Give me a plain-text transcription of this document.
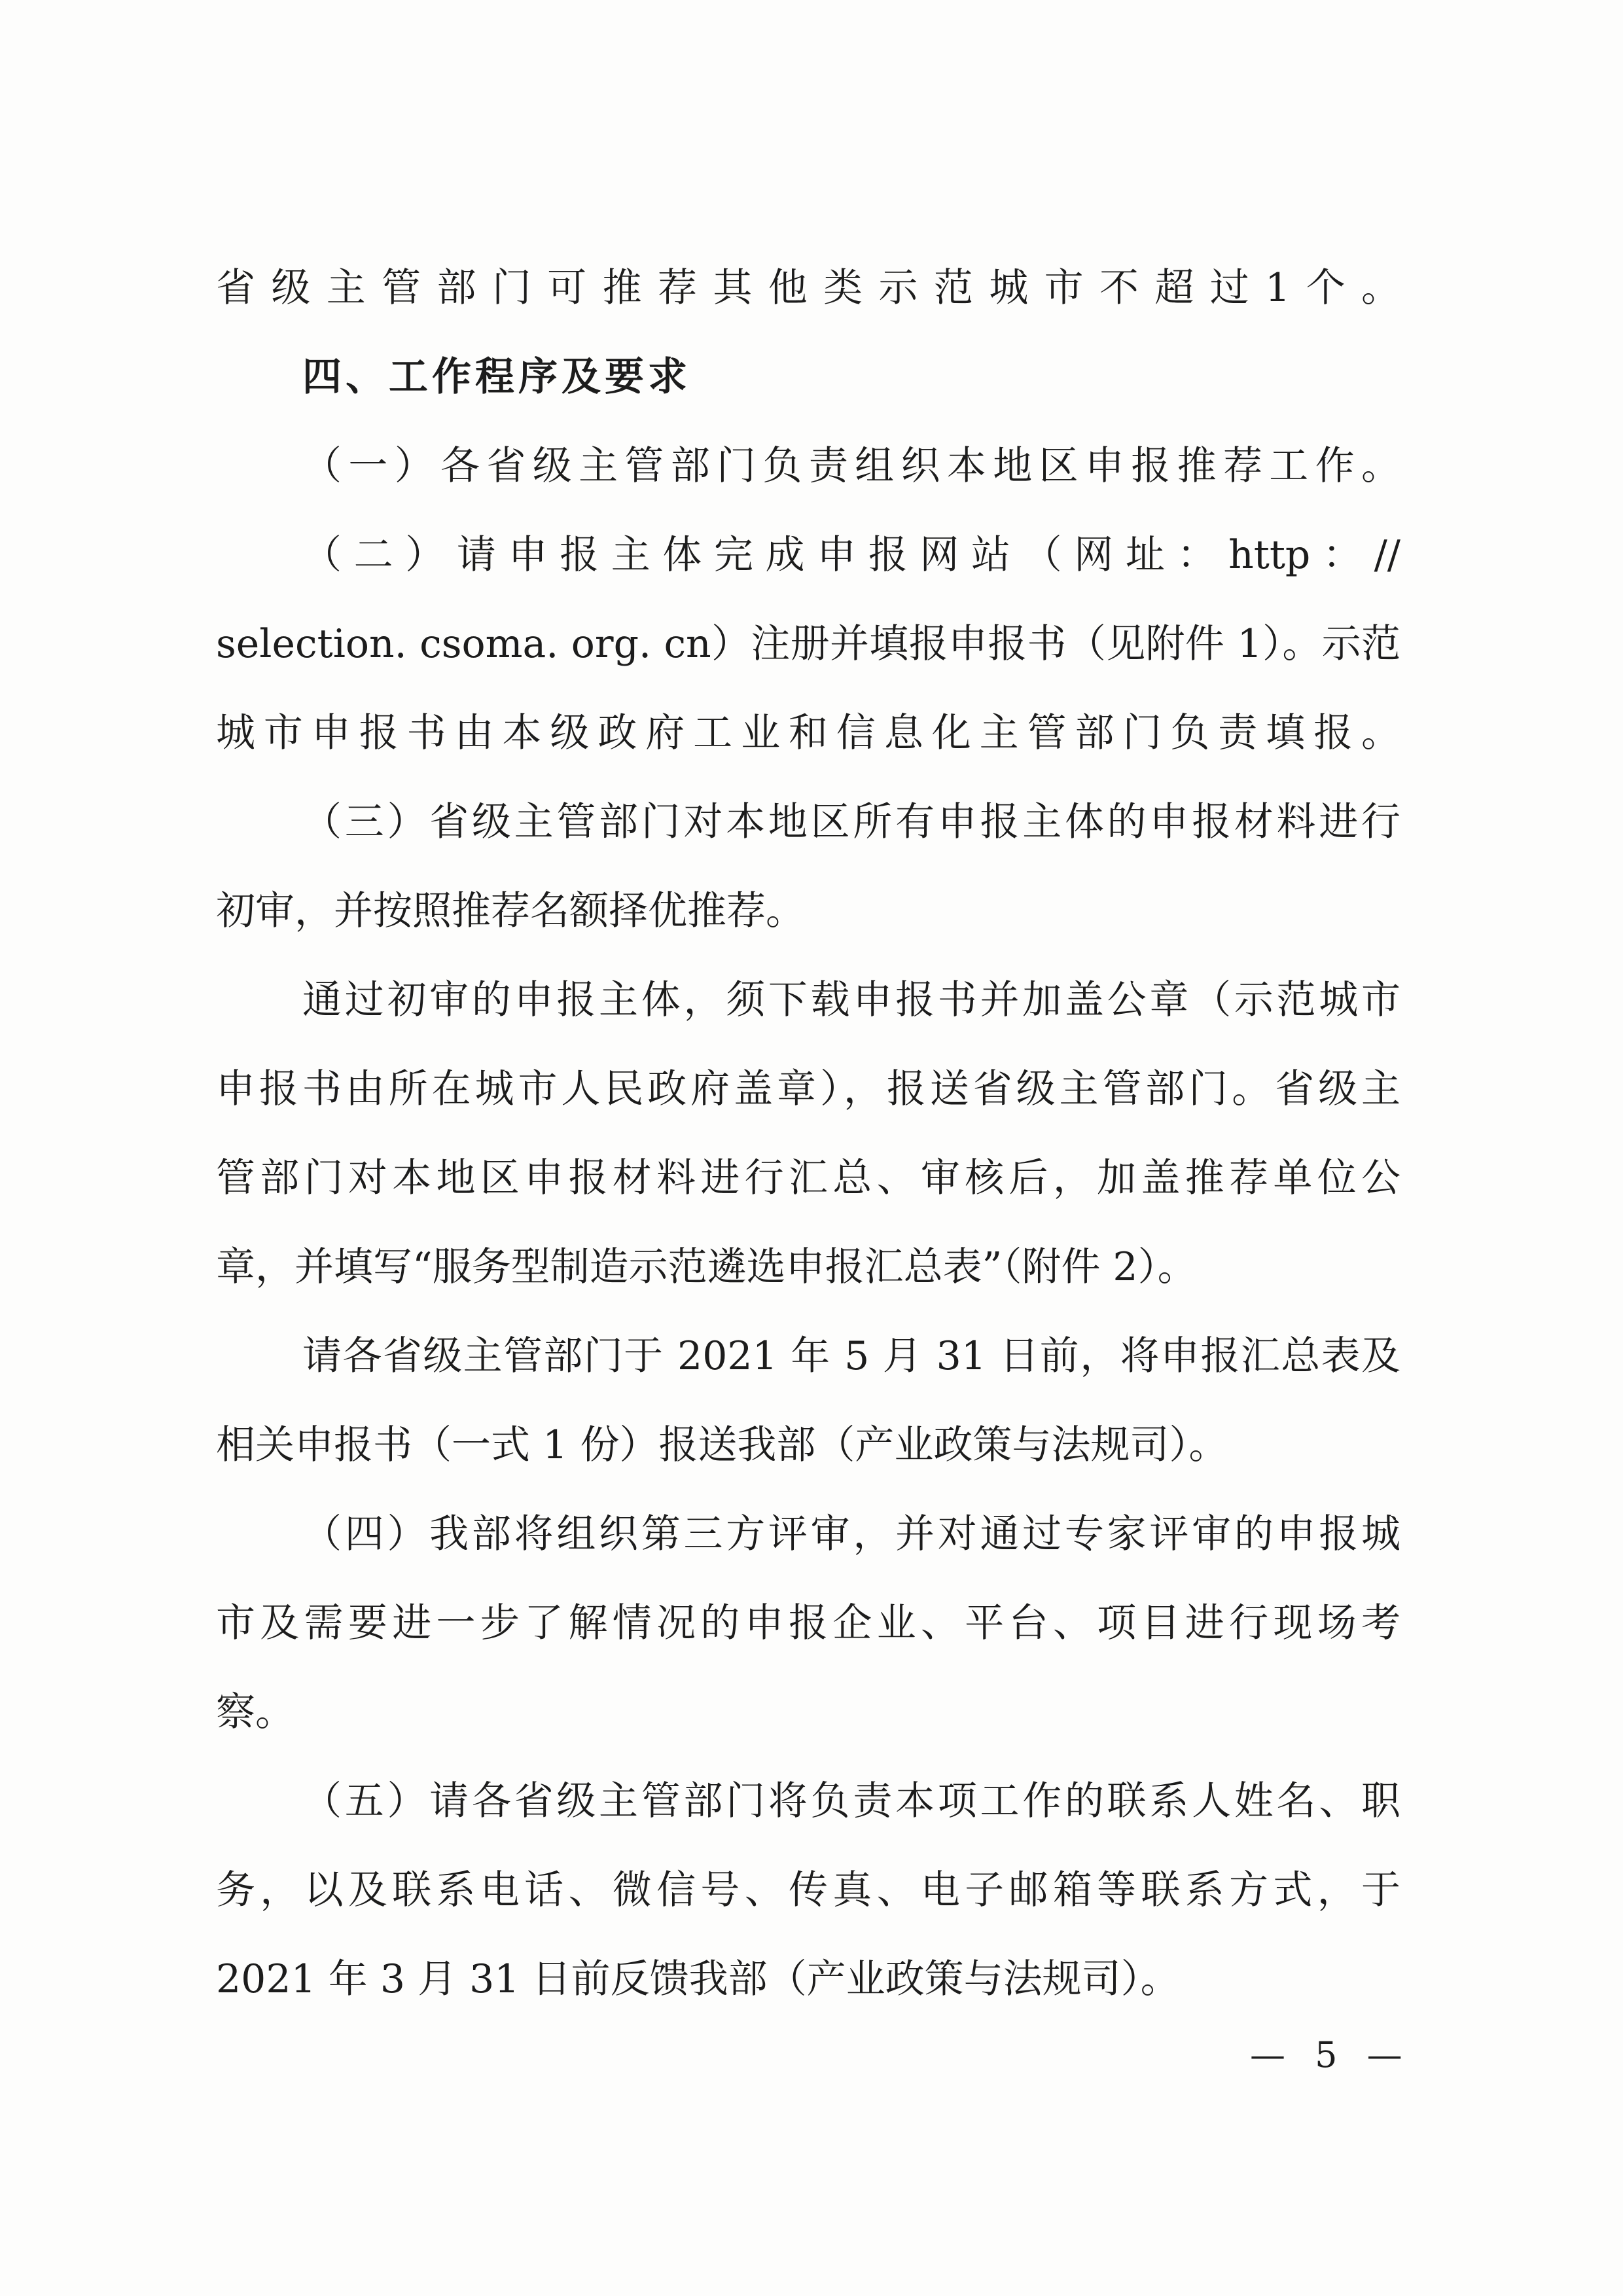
省级主管部门可推荐其他类示范城市不超过1个。

四、工作程序及要求

（一）各省级主管部门负责组织本地区申报推荐工作。

（二）请申报主体完成申报网站（网址：http：//

selection. csoma. org. cn）注册并填报申报书（见附件 1）。示范

城市申报书由本级政府工业和信息化主管部门负责填报。

（三）省级主管部门对本地区所有申报主体的申报材料进行

初审，并按照推荐名额择优推荐。

通过初审的申报主体，须下载申报书并加盖公章（示范城市

申报书由所在城市人民政府盖章），报送省级主管部门。省级主

管部门对本地区申报材料进行汇总、审核后，加盖推荐单位公

章，并填写“服务型制造示范遴选申报汇总表”（附件 2）。

请各省级主管部门于 2021 年 5 月 31 日前，将申报汇总表及

相关申报书（一式 1 份）报送我部（产业政策与法规司）。

（四）我部将组织第三方评审，并对通过专家评审的申报城

市及需要进一步了解情况的申报企业、平台、项目进行现场考

察。

（五）请各省级主管部门将负责本项工作的联系人姓名、职

务，以及联系电话、微信号、传真、电子邮箱等联系方式，于

2021 年 3 月 31 日前反馈我部（产业政策与法规司）。

— 5 —
